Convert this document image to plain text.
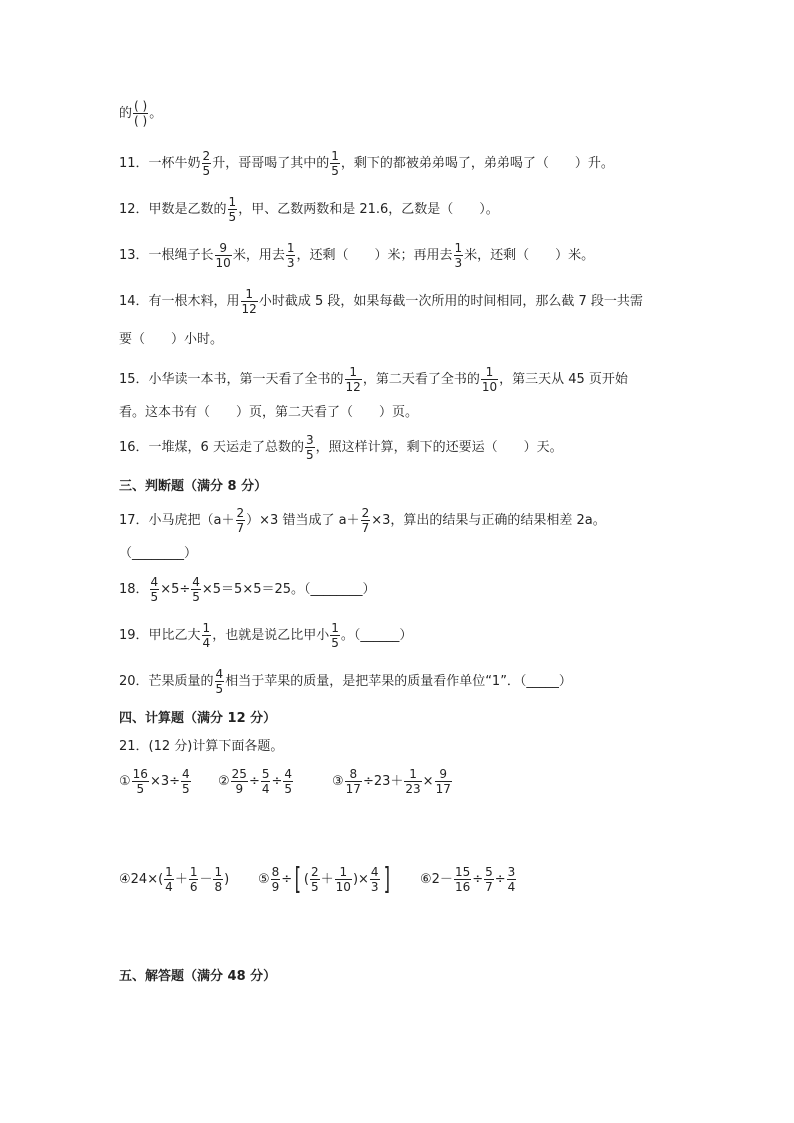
的 $\frac{( )}{( )}$ 。
11．一杯牛奶 $\frac{2}{5}$ 升，哥哥喝了其中的 $\frac{1}{5}$ ，剩下的都被弟弟喝了，弟弟喝了（　　）升。
12．甲数是乙数的 $\frac{1}{5}$ ，甲、乙数两数和是 21.6，乙数是（　　）。
13．一根绳子长 $\frac{9}{10}$ 米，用去 $\frac{1}{3}$ ，还剩（　　）米；再用去 $\frac{1}{3}$ 米，还剩（　　）米。
14．有一根木料，用 $\frac{1}{12}$ 小时截成 5 段，如果每截一次所用的时间相同，那么截 7 段一共需
要（　　）小时。
15．小华读一本书，第一天看了全书的 $\frac{1}{12}$ ，第二天看了全书的 $\frac{1}{10}$ ，第三天从 45 页开始
看。这本书有（　　）页，第二天看了（　　）页。
16．一堆煤，6 天运走了总数的 $\frac{3}{5}$ ，照这样计算，剩下的还要运（　　）天。
三、判断题（满分 8 分）
17．小马虎把$(a+ \frac{2}{7} )\times 3$ 错当成了 $a+ \frac{2}{7} \times 3$，算出的结果与正确的结果相差 2a。
（________）
18． $\frac{4}{5} \times 5\div \frac{4}{5} \times 5=5\times 5=25$。（________）
19．甲比乙大 $\frac{1}{4}$ ，也就是说乙比甲小 $\frac{1}{5}$ 。（______）
20．芒果质量的 $\frac{4}{5}$ 相当于苹果的质量，是把苹果的质量看作单位“1”．（_____）
四、计算题（满分 12 分）
21．(12 分)计算下面各题。
① $\frac{16}{5} \times 3\div \frac{4}{5}$ ② $\frac{25}{9} \div \frac{5}{4} \div \frac{4}{5}$	③ $\frac{8}{17} \div 23+ \frac{1}{23} \times \frac{9}{17}$
④24×( $\frac{1}{4} + \frac{1}{6} - \frac{1}{8}$ ) ⑤ $\frac{8}{9}$ ÷[ ( $\frac{2}{5} + \frac{1}{10}$ )× $\frac{4}{3}$ ] ⑥2－ $\frac{15}{16} \div \frac{5}{7} \div \frac{3}{4}$
五、解答题（满分 48 分）
